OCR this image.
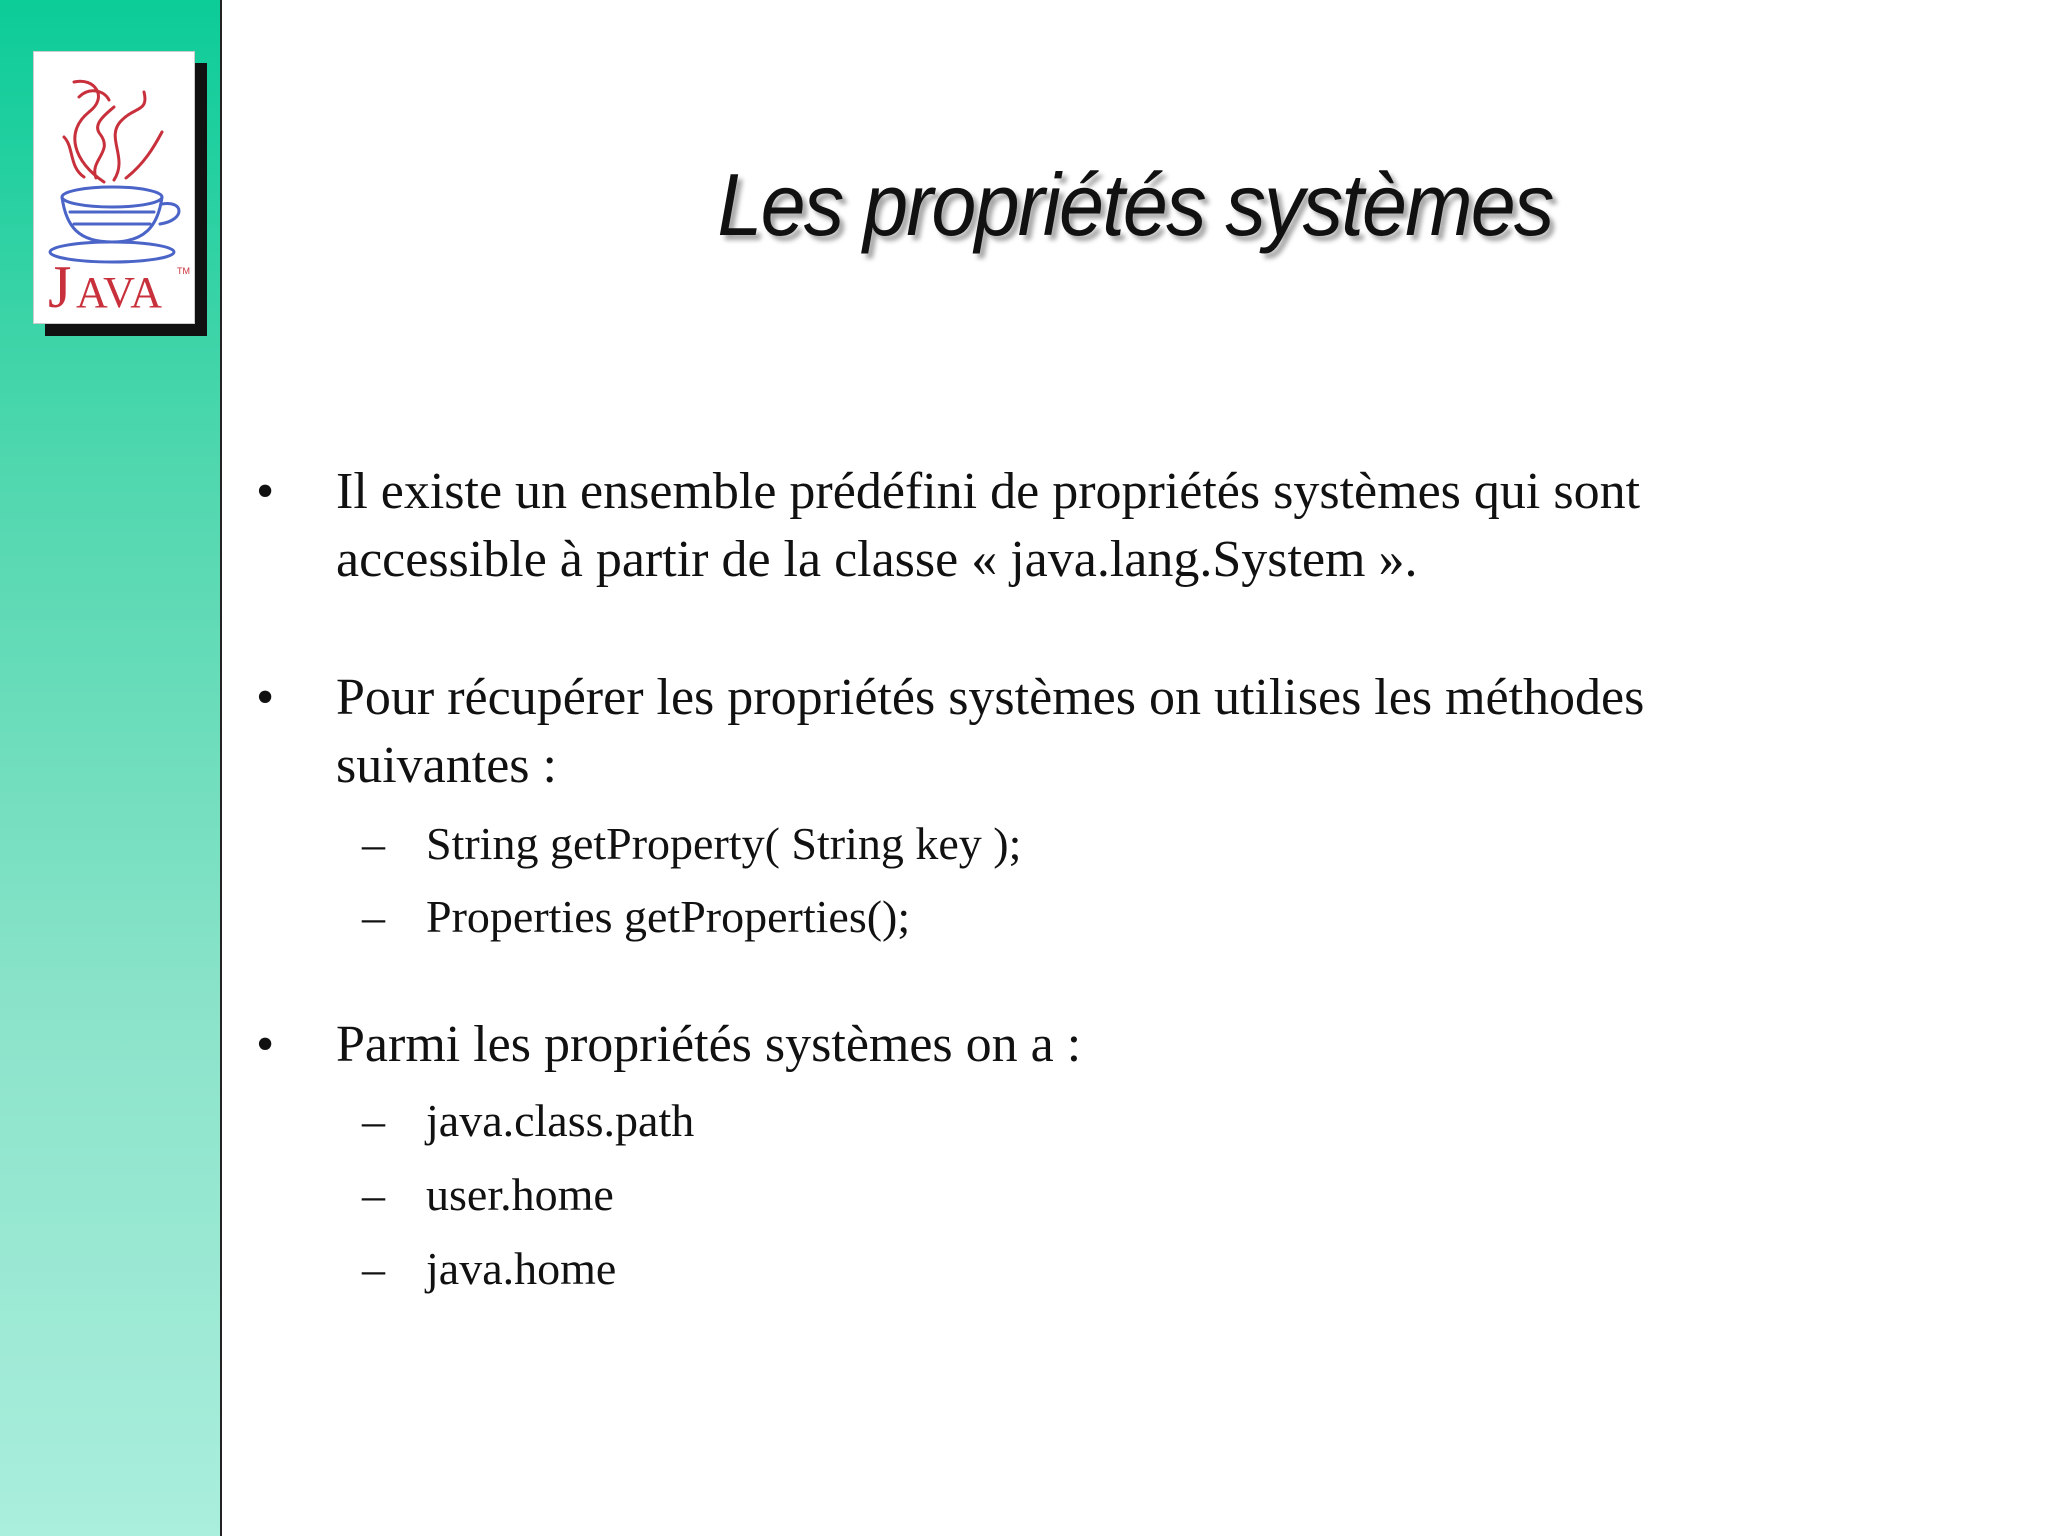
J AVA TM
Les propriétés systèmes
• Il existe un ensemble prédéfini de propriétés systèmes qui sont accessible à partir de la classe « java.lang.System ».
• Pour récupérer les propriétés systèmes on utilises les méthodes suivantes :
– String getProperty( String key );
– Properties getProperties();
• Parmi les propriétés systèmes on a :
– java.class.path
– user.home
– java.home
